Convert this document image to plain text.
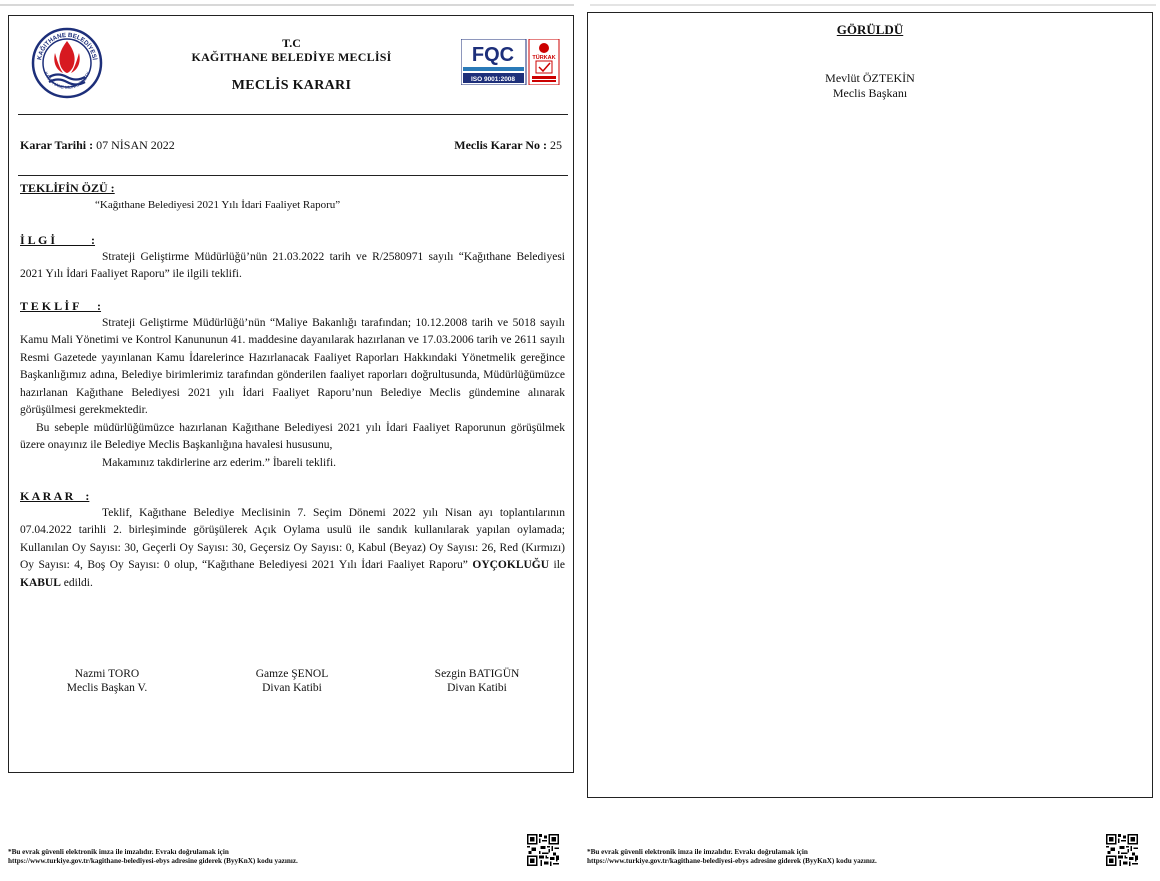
KAĞITHANE BELEDİYESİ
KAĞITHANE MUNICIPALITY
T.C
KAĞITHANE BELEDİYE MECLİSİ
MECLİS KARARI
FQC
ISO 9001:2008
TÜRKAK
Karar Tarihi : 07 NİSAN 2022	Meclis Karar No : 25
TEKLİFİN ÖZÜ :
“Kağıthane Belediyesi 2021 Yılı İdari Faaliyet Raporu”
İ L G İ            :
Strateji Geliştirme Müdürlüğü’nün 21.03.2022 tarih ve R/2580971 sayılı “Kağıthane Belediyesi 2021 Yılı İdari Faaliyet Raporu” ile ilgili teklifi.
T E K L İ F      :
Strateji Geliştirme Müdürlüğü’nün “Maliye Bakanlığı tarafından; 10.12.2008 tarih ve 5018 sayılı Kamu Mali Yönetimi ve Kontrol Kanununun 41. maddesine dayanılarak hazırlanan ve 17.03.2006 tarih ve 2611 sayılı Resmi Gazetede yayınlanan Kamu İdarelerince Hazırlanacak Faaliyet Raporları Hakkındaki Yönetmelik gereğince Başkanlığımız adına, Belediye birimlerimiz tarafından gönderilen faaliyet raporları doğrultusunda, Müdürlüğümüzce hazırlanan Kağıthane Belediyesi 2021 yılı İdari Faaliyet Raporu’nun Belediye Meclis gündemine alınarak görüşülmesi gerekmektedir.
Bu sebeple müdürlüğümüzce hazırlanan Kağıthane Belediyesi 2021 yılı İdari Faaliyet Raporunun görüşülmek üzere onayınız ile Belediye Meclis Başkanlığına havalesi hususunu,
Makamınız takdirlerine arz ederim.” İbareli teklifi.
K A R A R    :
Teklif, Kağıthane Belediye Meclisinin 7. Seçim Dönemi 2022 yılı Nisan ayı toplantılarının 07.04.2022 tarihli 2. birleşiminde görüşülerek Açık Oylama usulü ile sandık kullanılarak yapılan oylamada; Kullanılan Oy Sayısı: 30, Geçerli Oy Sayısı: 30, Geçersiz Oy Sayısı: 0, Kabul (Beyaz) Oy Sayısı: 26, Red (Kırmızı) Oy Sayısı: 4, Boş Oy Sayısı: 0 olup, “Kağıthane Belediyesi 2021 Yılı İdari Faaliyet Raporu” OYÇOKLUĞU ile KABUL edildi.
Nazmi TORO
Meclis Başkan V.
Gamze ŞENOL
Divan Katibi
Sezgin BATIGÜN
Divan Katibi
GÖRÜLDÜ
Mevlüt ÖZTEKİN
Meclis Başkanı
*Bu evrak güvenli elektronik imza ile imzalıdır. Evrakı doğrulamak için
https://www.turkiye.gov.tr/kagithane-belediyesi-ebys adresine giderek (ByyKnX) kodu yazınız.
*Bu evrak güvenli elektronik imza ile imzalıdır. Evrakı doğrulamak için
https://www.turkiye.gov.tr/kagithane-belediyesi-ebys adresine giderek (ByyKnX) kodu yazınız.
